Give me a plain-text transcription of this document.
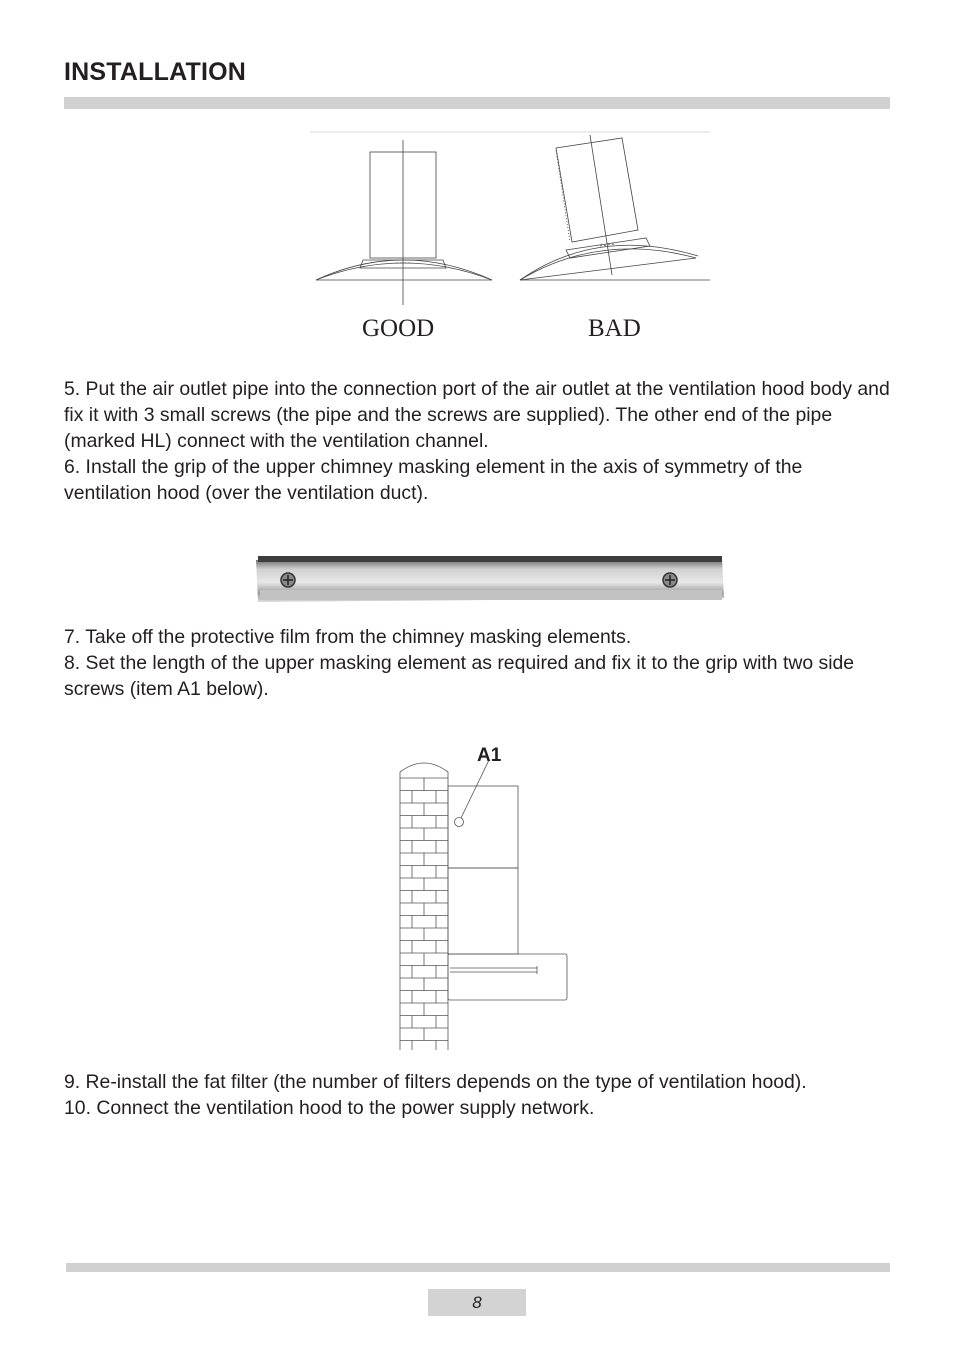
INSTALLATION
GOOD	BAD

5. Put the air outlet pipe into the connection port of the air outlet at the ventilation hood body and fix it with 3 small screws (the pipe and the screws are supplied). The other end of the pipe (marked HL) connect with the ventilation channel.

6. Install the grip of the upper chimney masking element in the axis of symmetry of the ventilation hood (over the ventilation duct).

7. Take off the protective film from the chimney masking elements.

8. Set the length of the upper masking element as required and fix it to the grip with two side screws (item A1 below).

A1

9. Re-install the fat filter (the number of filters depends on the type of ventilation hood).

10. Connect the ventilation hood to the power supply network.

8
